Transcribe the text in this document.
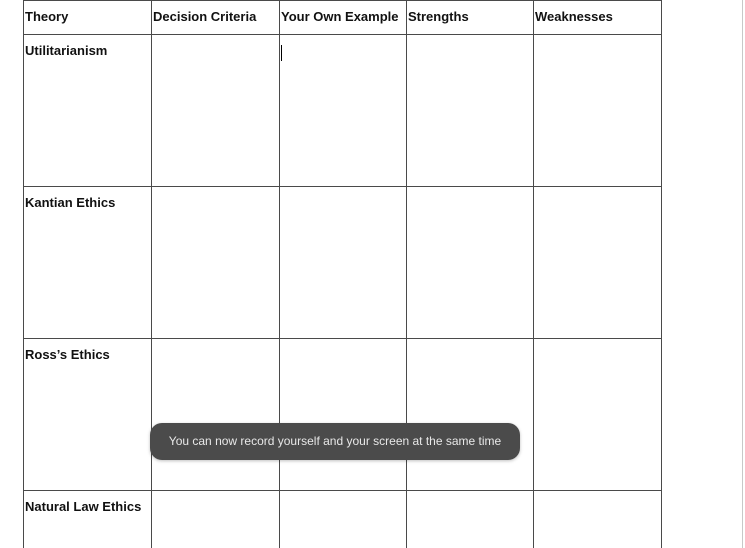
Theory	Decision Criteria	Your Own Example	Strengths	Weaknesses
Utilitarianism		

Kantian Ethics				
Ross’s Ethics				
Natural Law Ethics				
You can now record yourself and your screen at the same time
